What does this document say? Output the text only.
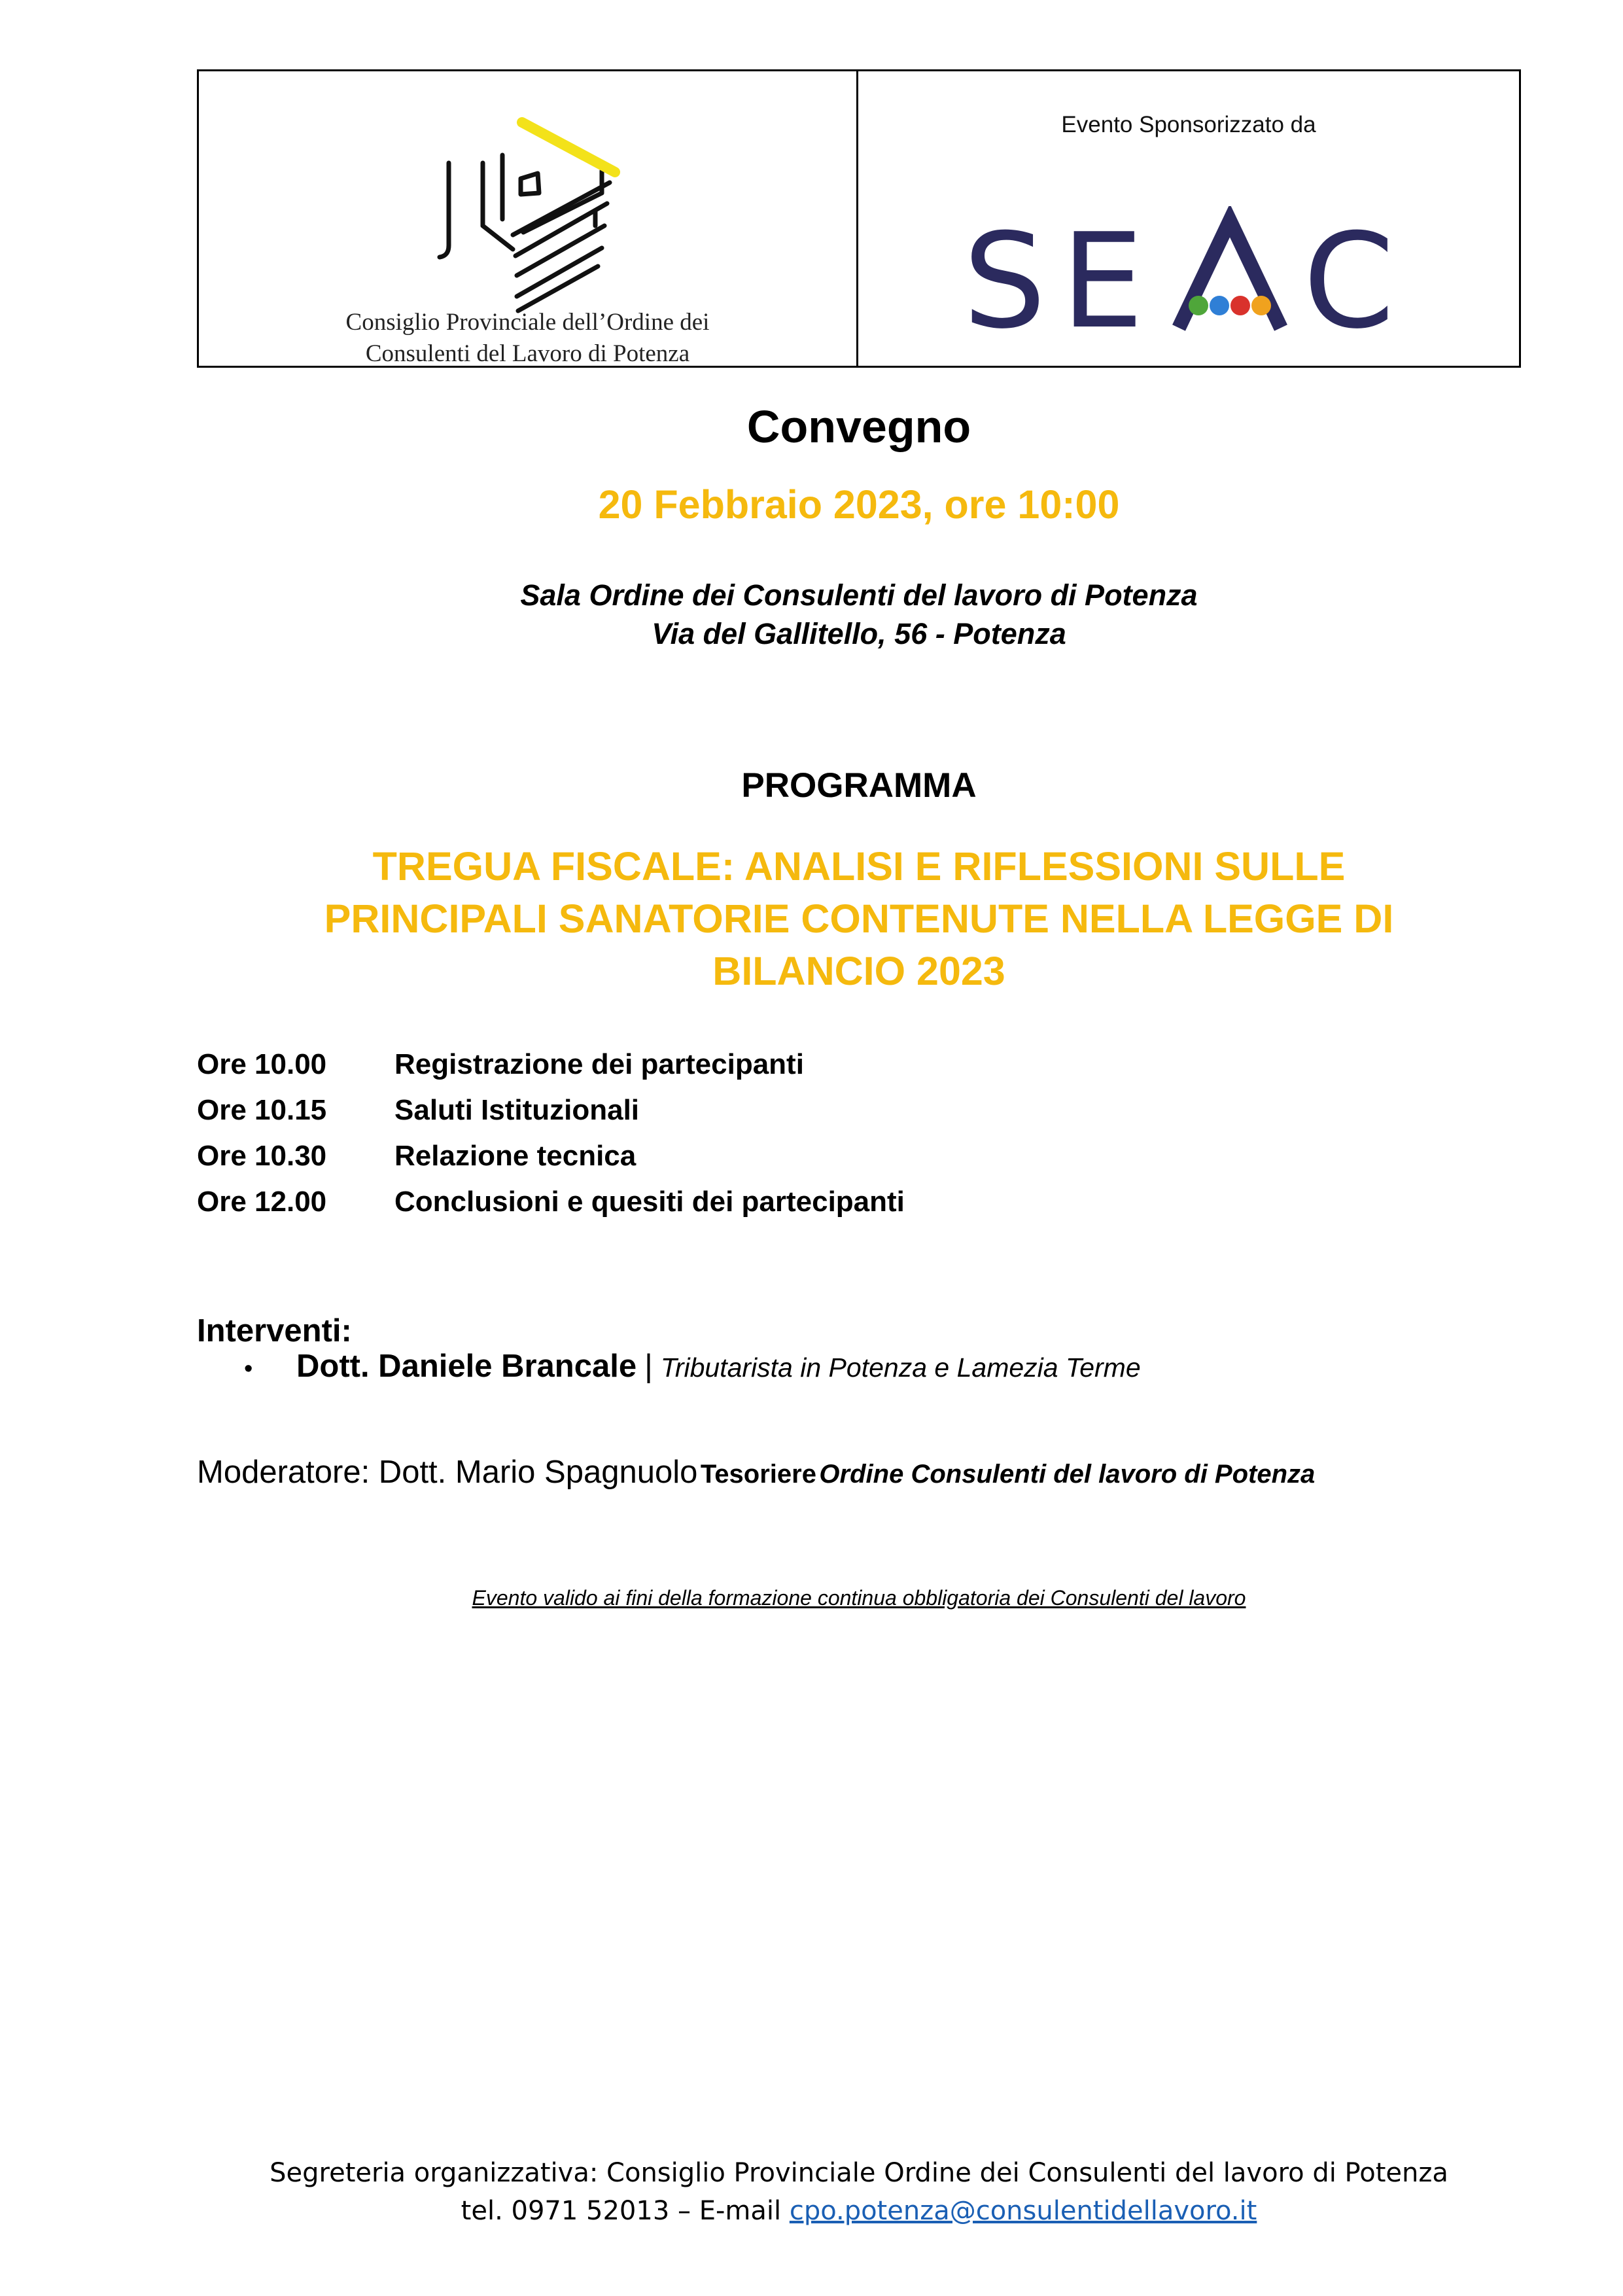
Consiglio Provinciale dell’Ordine dei
Consulenti del Lavoro di Potenza
Evento Sponsorizzato da
S E C
Convegno
20 Febbraio 2023, ore 10:00
Sala Ordine dei Consulenti del lavoro di Potenza
Via del Gallitello, 56 - Potenza
PROGRAMMA
TREGUA FISCALE: ANALISI E RIFLESSIONI SULLE
PRINCIPALI SANATORIE CONTENUTE NELLA LEGGE DI
BILANCIO 2023
Ore 10.00	Registrazione dei partecipanti
Ore 10.15	Saluti Istituzionali
Ore 10.30	Relazione tecnica
Ore 12.00	Conclusioni e quesiti dei partecipanti
Interventi:
•	Dott. Daniele Brancale | Tributarista in Potenza e Lamezia Terme
Moderatore: Dott. Mario Spagnuolo Tesoriere Ordine Consulenti del lavoro di Potenza
Evento valido ai fini della formazione continua obbligatoria dei Consulenti del lavoro
Segreteria organizzativa: Consiglio Provinciale Ordine dei Consulenti del lavoro di Potenza
tel. 0971 52013 – E-mail cpo.potenza@consulentidellavoro.it
